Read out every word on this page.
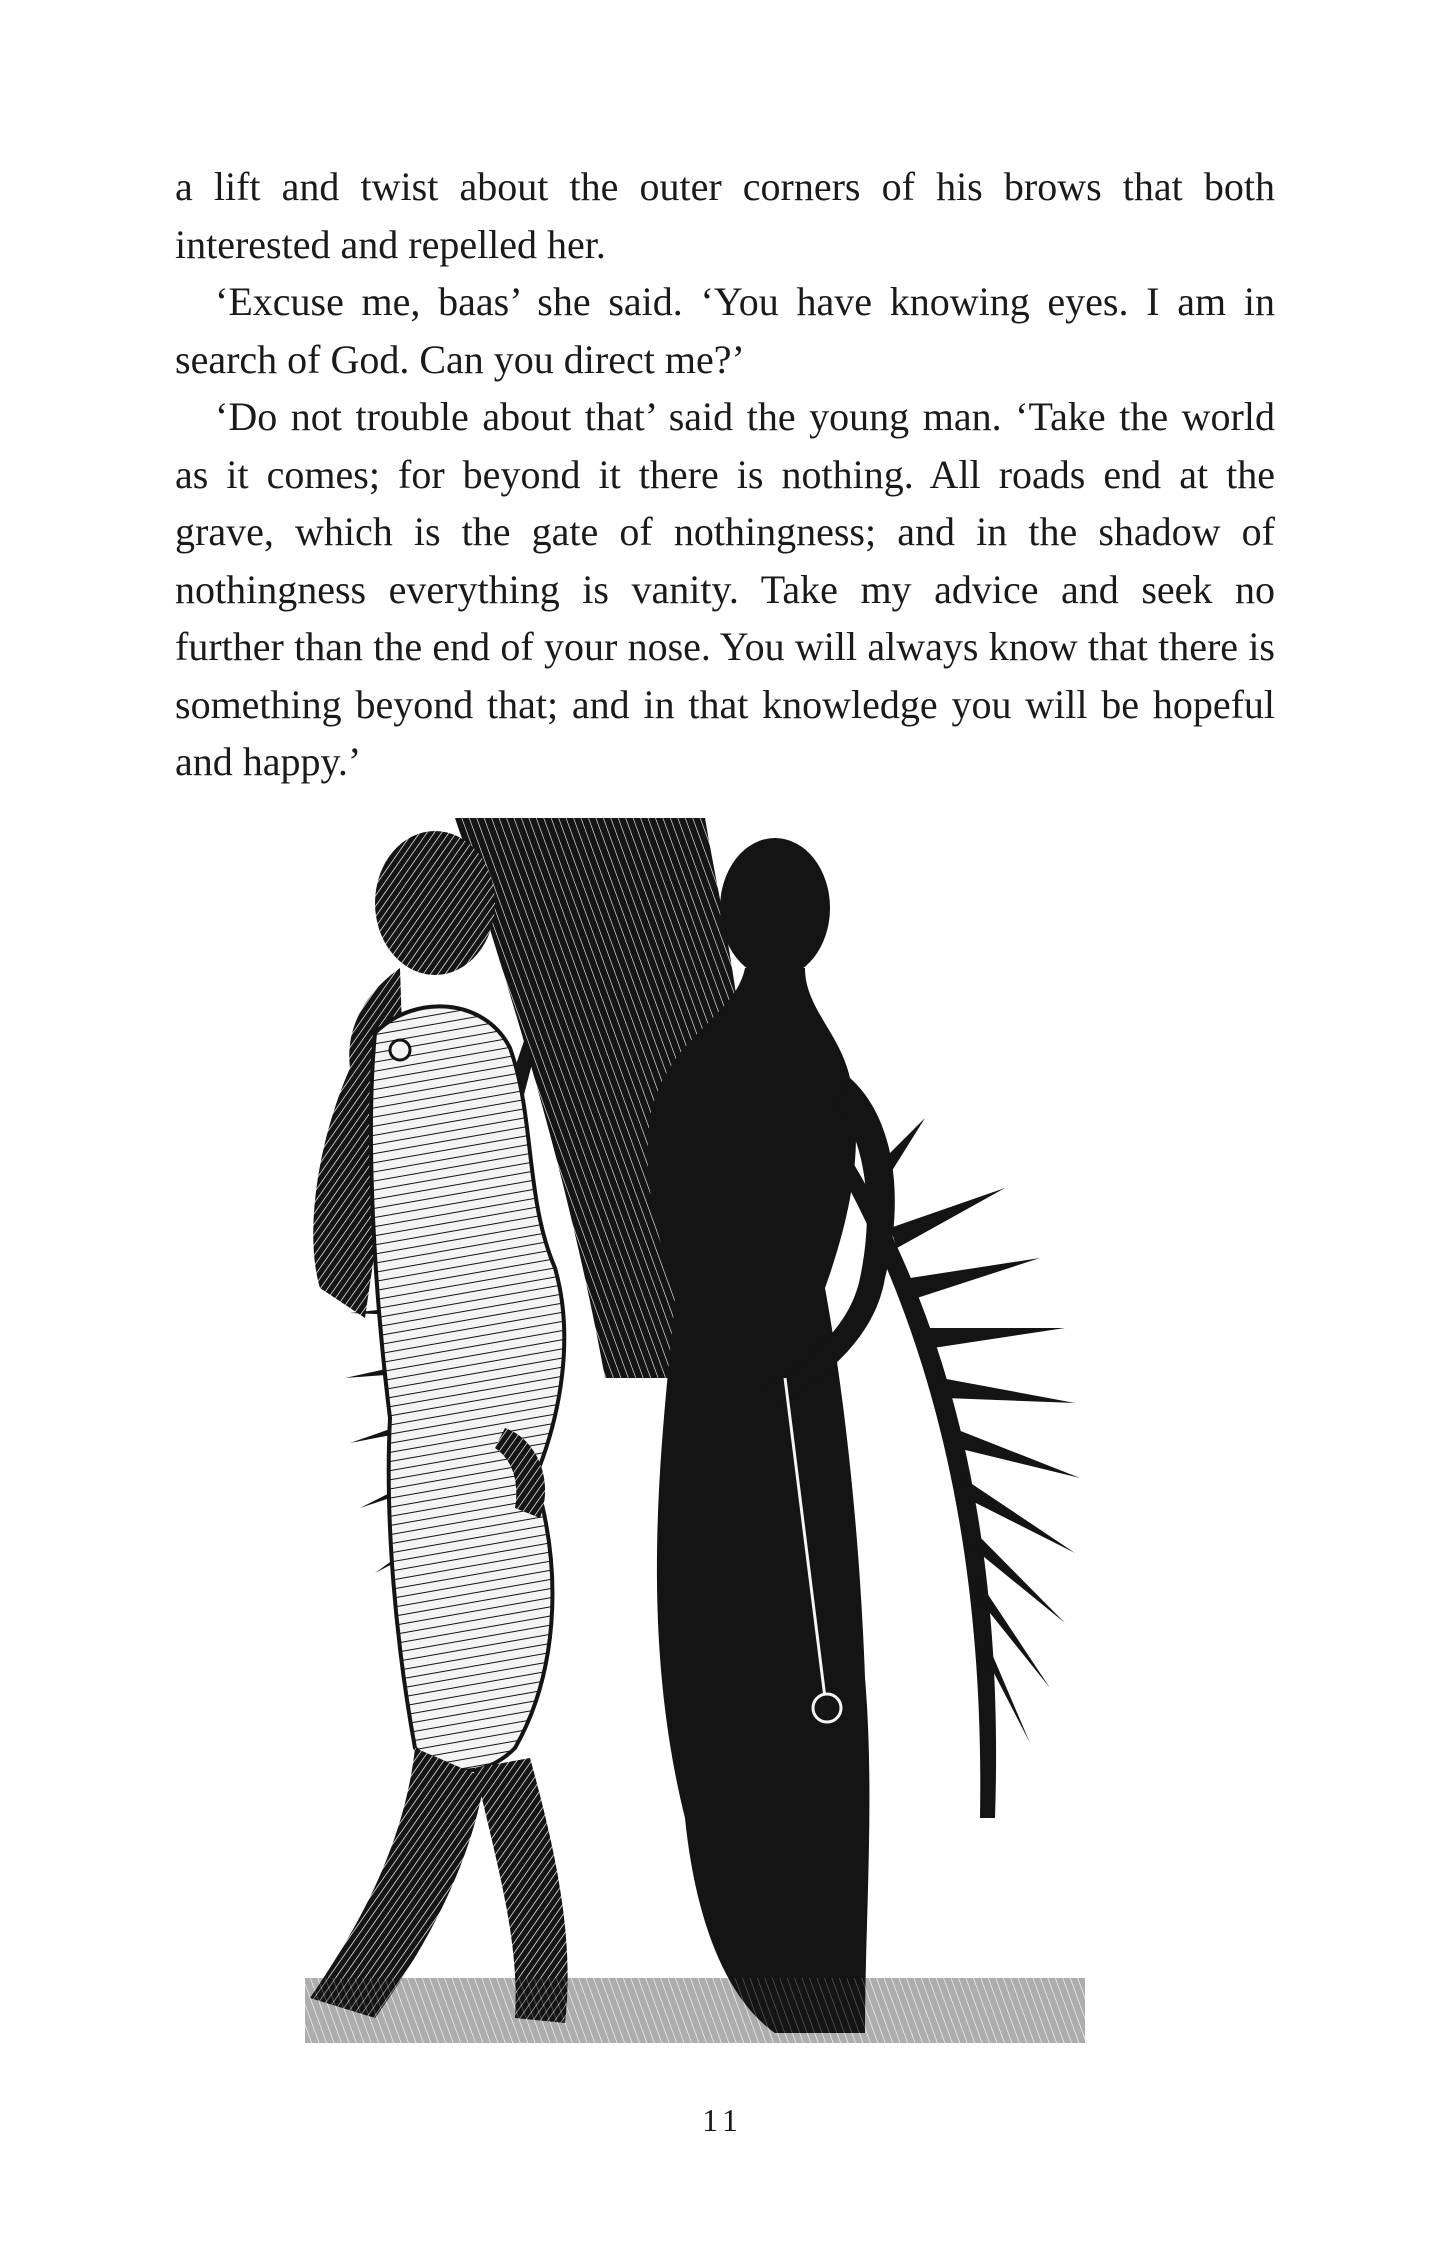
a lift and twist about the outer corners of his brows that both interested and repelled her.

‘Excuse me, baas’ she said. ‘You have knowing eyes. I am in search of God. Can you direct me?’

‘Do not trouble about that’ said the young man. ‘Take the world as it comes; for beyond it there is nothing. All roads end at the grave, which is the gate of nothingness; and in the shadow of nothingness everything is vanity. Take my advice and seek no further than the end of your nose. You will always know that there is something beyond that; and in that knowledge you will be hopeful and happy.’

11
